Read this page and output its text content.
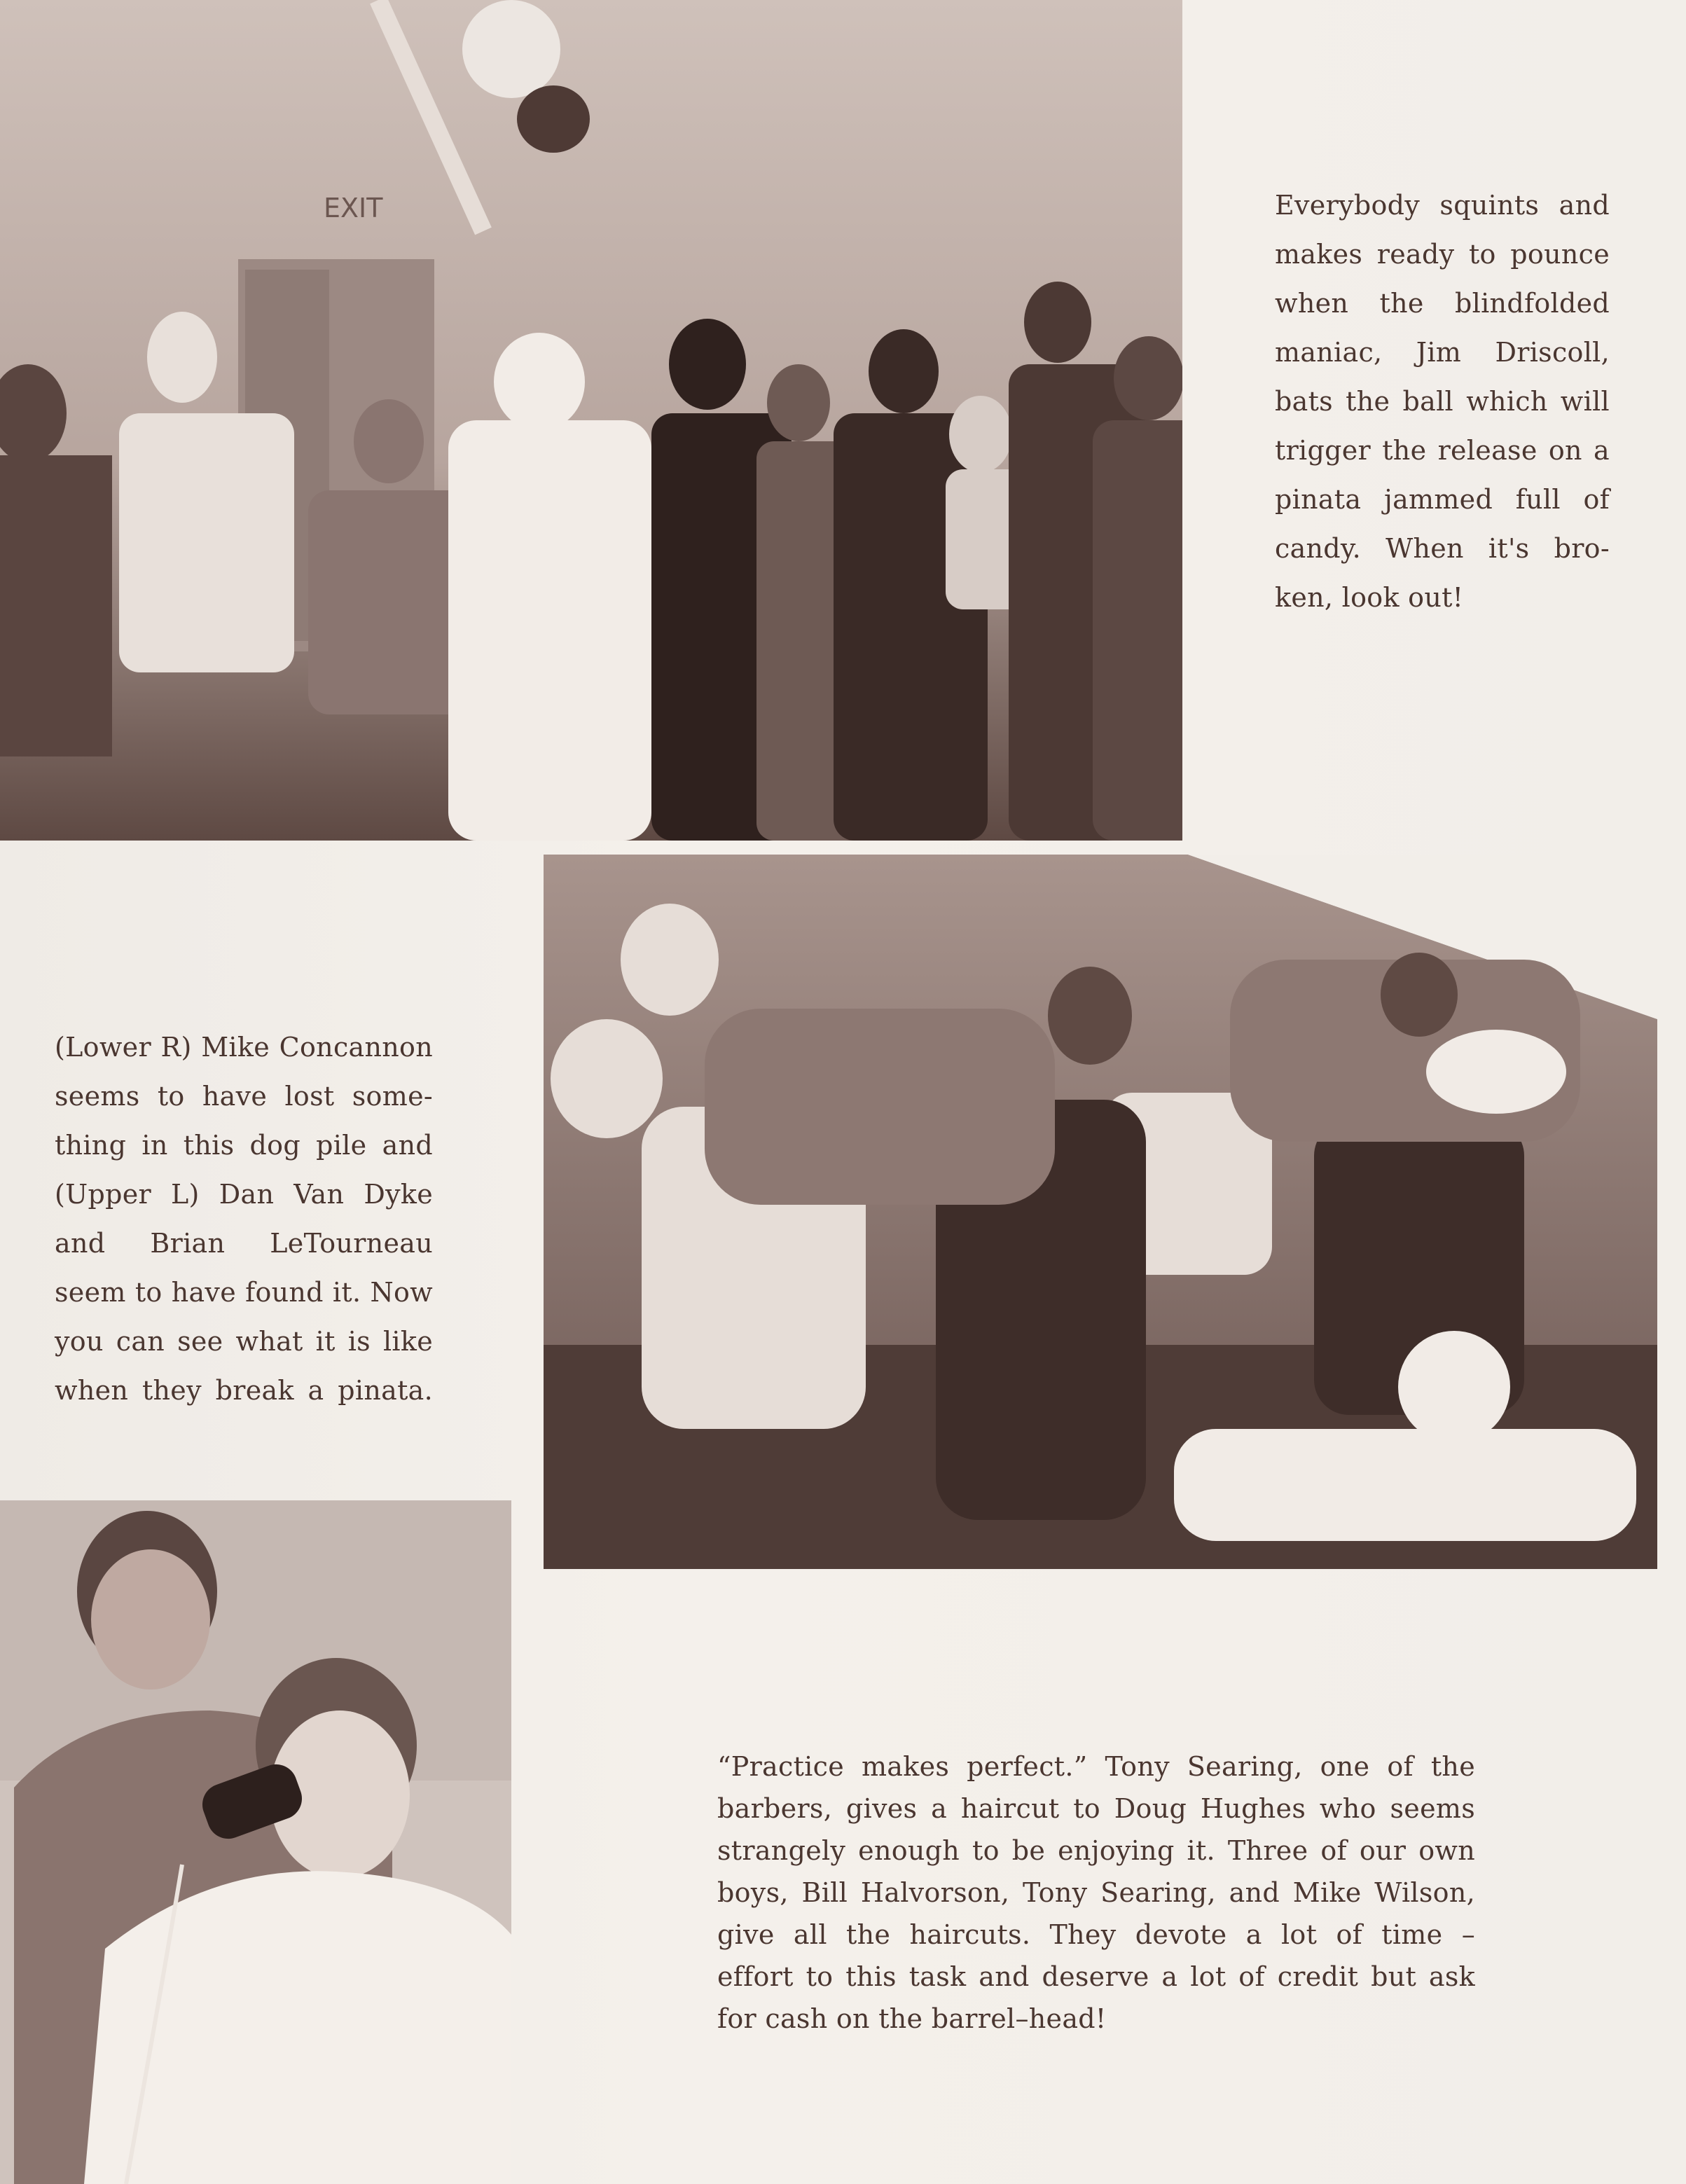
EXIT	Everybody squints and
makes ready to pounce
when the blindfolded
maniac, Jim Driscoll,
bats the ball which will
trigger the release on a
pinata jammed full of
candy. When it's bro-
ken, look out!
(Lower R) Mike Concannon
seems to have lost some-
thing in this dog pile and
(Upper L) Dan Van Dyke
and Brian LeTourneau
seem to have found it. Now
you can see what it is like
when they break a pinata.
“Practice makes perfect.” Tony Searing, one of the
barbers, gives a haircut to Doug Hughes who seems
strangely enough to be enjoying it. Three of our own
boys, Bill Halvorson, Tony Searing, and Mike Wilson,
give all the haircuts. They devote a lot of time –
effort to this task and deserve a lot of credit but ask
for cash on the barrel–head!
